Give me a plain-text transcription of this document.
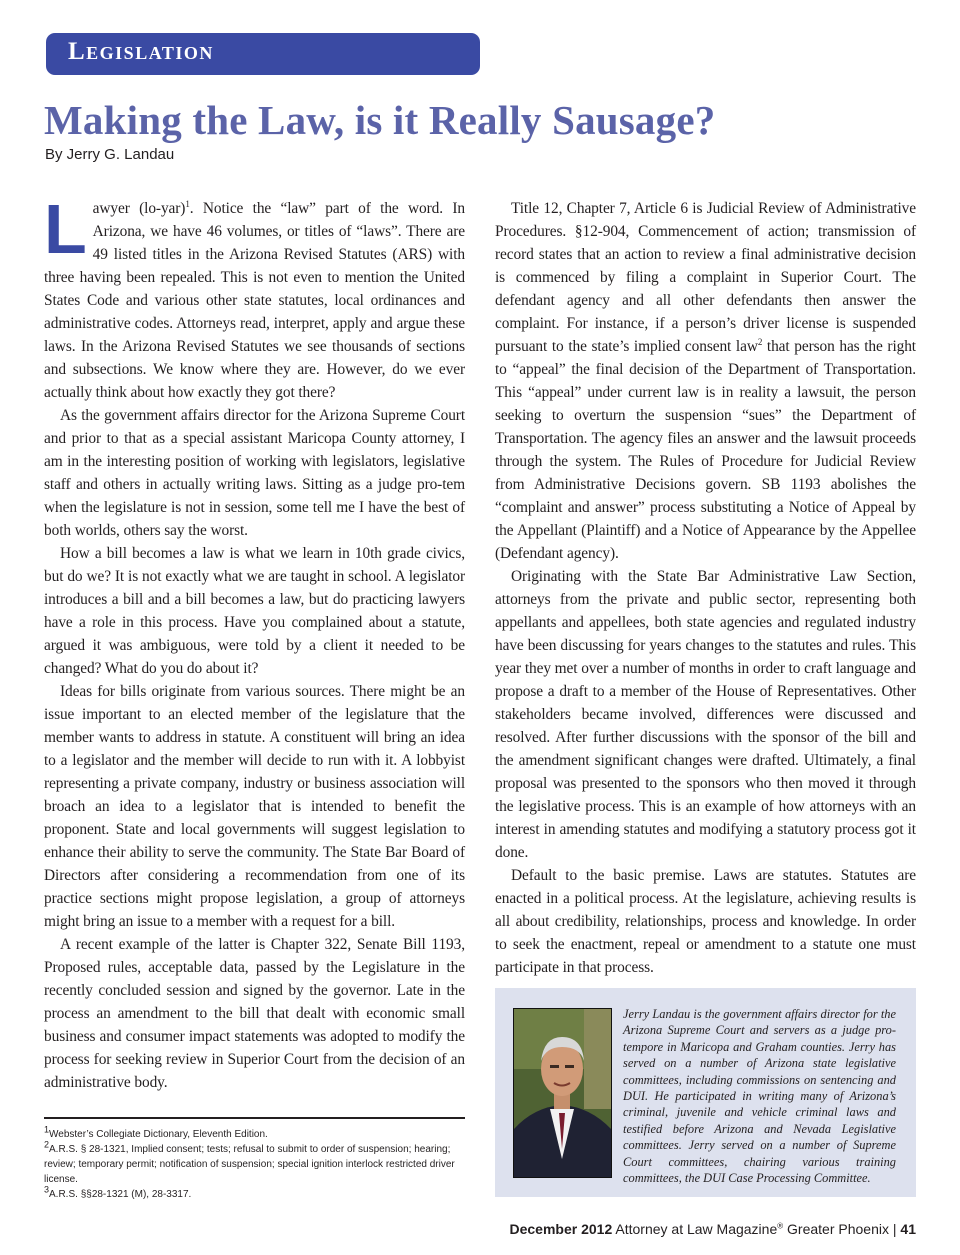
Legislation
Making the Law, is it Really Sausage?
By Jerry G. Landau

Lawyer $(lo-yar)^1$. Notice the “law” part of the word. In Arizona, we have 46 volumes, or titles of “laws”. There are 49 listed titles in the Arizona Revised Statutes (ARS) with three having been repealed. This is not even to mention the United States Code and various other state statutes, local ordinances and administrative codes. Attorneys read, interpret, apply and argue these laws. In the Arizona Revised Statutes we see thousands of sections and subsections. We know where they are. However, do we ever actually think about how exactly they got there?

As the government affairs director for the Arizona Supreme Court and prior to that as a special assistant Maricopa County attorney, I am in the interesting position of working with legislators, legislative staff and others in actually writing laws. Sitting as a judge pro-tem when the legislature is not in session, some tell me I have the best of both worlds, others say the worst.

How a bill becomes a law is what we learn in 10th grade civics, but do we? It is not exactly what we are taught in school. A legislator introduces a bill and a bill becomes a law, but do practicing lawyers have a role in this process. Have you complained about a statute, argued it was ambiguous, were told by a client it needed to be changed? What do you do about it?

Ideas for bills originate from various sources. There might be an issue important to an elected member of the legislature that the member wants to address in statute. A constituent will bring an idea to a legislator and the member will decide to run with it. A lobbyist representing a private company, industry or business association will broach an idea to a legislator that is intended to benefit the proponent. State and local governments will suggest legislation to enhance their ability to serve the community. The State Bar Board of Directors after considering a recommendation from one of its practice sections might propose legislation, a group of attorneys might bring an issue to a member with a request for a bill.

A recent example of the latter is Chapter 322, Senate Bill 1193, Proposed rules, acceptable data, passed by the Legislature in the recently concluded session and signed by the governor. Late in the process an amendment to the bill that dealt with economic small business and consumer impact statements was adopted to modify the process for seeking review in Superior Court from the decision of an administrative body.

$^1$Webster’s Collegiate Dictionary, Eleventh Edition.
$^2$A.R.S. § 28-1321, Implied consent; tests; refusal to submit to order of suspension; hearing; review; temporary permit; notification of suspension; special ignition interlock restricted driver license.
$^3$A.R.S. §§28-1321 (M), 28-3317.

Title 12, Chapter 7, Article 6 is Judicial Review of Administrative Procedures. §12-904, Commencement of action; transmission of record states that an action to review a final administrative decision is commenced by filing a complaint in Superior Court. The defendant agency and all other defendants then answer the complaint. For instance, if a person’s driver license is suspended pursuant to the state’s implied consent law$^2$ that person has the right to “appeal” the final decision of the Department of Transportation. This “appeal” under current law is in reality a lawsuit, the person seeking to overturn the suspension “sues” the Department of Transportation. The agency files an answer and the lawsuit proceeds through the system. The Rules of Procedure for Judicial Review from Administrative Decisions govern. SB 1193 abolishes the “complaint and answer” process substituting a Notice of Appeal by the Appellant (Plaintiff) and a Notice of Appearance by the Appellee (Defendant agency).

Originating with the State Bar Administrative Law Section, attorneys from the private and public sector, representing both appellants and appellees, both state agencies and regulated industry have been discussing for years changes to the statutes and rules. This year they met over a number of months in order to craft language and propose a draft to a member of the House of Representatives. Other stakeholders became involved, differences were discussed and resolved. After further discussions with the sponsor of the bill and the amendment significant changes were drafted. Ultimately, a final proposal was presented to the sponsors who then moved it through the legislative process. This is an example of how attorneys with an interest in amending statutes and modifying a statutory process got it done.

Default to the basic premise. Laws are statutes. Statutes are enacted in a political process. At the legislature, achieving results is all about credibility, relationships, process and knowledge. In order to seek the enactment, repeal or amendment to a statute one must participate in that process.

Jerry Landau is the government affairs director for the Arizona Supreme Court and servers as a judge pro-tempore in Maricopa and Graham counties. Jerry has served on a number of Arizona state legislative committees, including commissions on sentencing and DUI. He participated in writing many of Arizona’s criminal, juvenile and vehicle criminal laws and testified before Arizona and Nevada Legislative committees. Jerry served on a number of Supreme Court committees, chairing various training committees, the DUI Case Processing Committee.
December 2012 Attorney at Law Magazine® Greater Phoenix | 41
